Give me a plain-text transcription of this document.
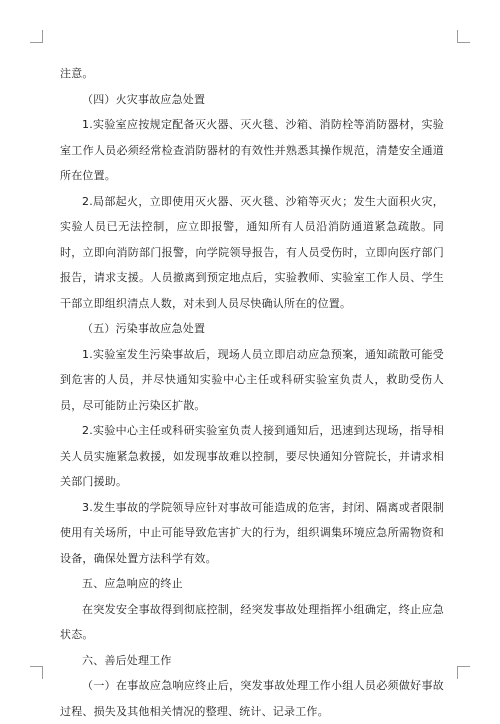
注意。

（四）火灾事故应急处置

1.实验室应按规定配备灭火器、灭火毯、沙箱、消防栓等消防器材，实验室工作人员必须经常检查消防器材的有效性并熟悉其操作规范，清楚安全通道所在位置。

2.局部起火，立即使用灭火器、灭火毯、沙箱等灭火；发生大面积火灾，实验人员已无法控制，应立即报警，通知所有人员沿消防通道紧急疏散。同时，立即向消防部门报警，向学院领导报告，有人员受伤时，立即向医疗部门报告，请求支援。人员撤离到预定地点后，实验教师、实验室工作人员、学生干部立即组织清点人数，对未到人员尽快确认所在的位置。

（五）污染事故应急处置

1.实验室发生污染事故后，现场人员立即启动应急预案，通知疏散可能受到危害的人员，并尽快通知实验中心主任或科研实验室负责人，救助受伤人员，尽可能防止污染区扩散。

2.实验中心主任或科研实验室负责人接到通知后，迅速到达现场，指导相关人员实施紧急救援，如发现事故难以控制，要尽快通知分管院长，并请求相关部门援助。

3.发生事故的学院领导应针对事故可能造成的危害，封闭、隔离或者限制使用有关场所，中止可能导致危害扩大的行为，组织调集环境应急所需物资和设备，确保处置方法科学有效。

五、应急响应的终止

在突发安全事故得到彻底控制，经突发事故处理指挥小组确定，终止应急状态。

六、善后处理工作

（一）在事故应急响应终止后，突发事故处理工作小组人员必须做好事故过程、损失及其他相关情况的整理、统计、记录工作。
